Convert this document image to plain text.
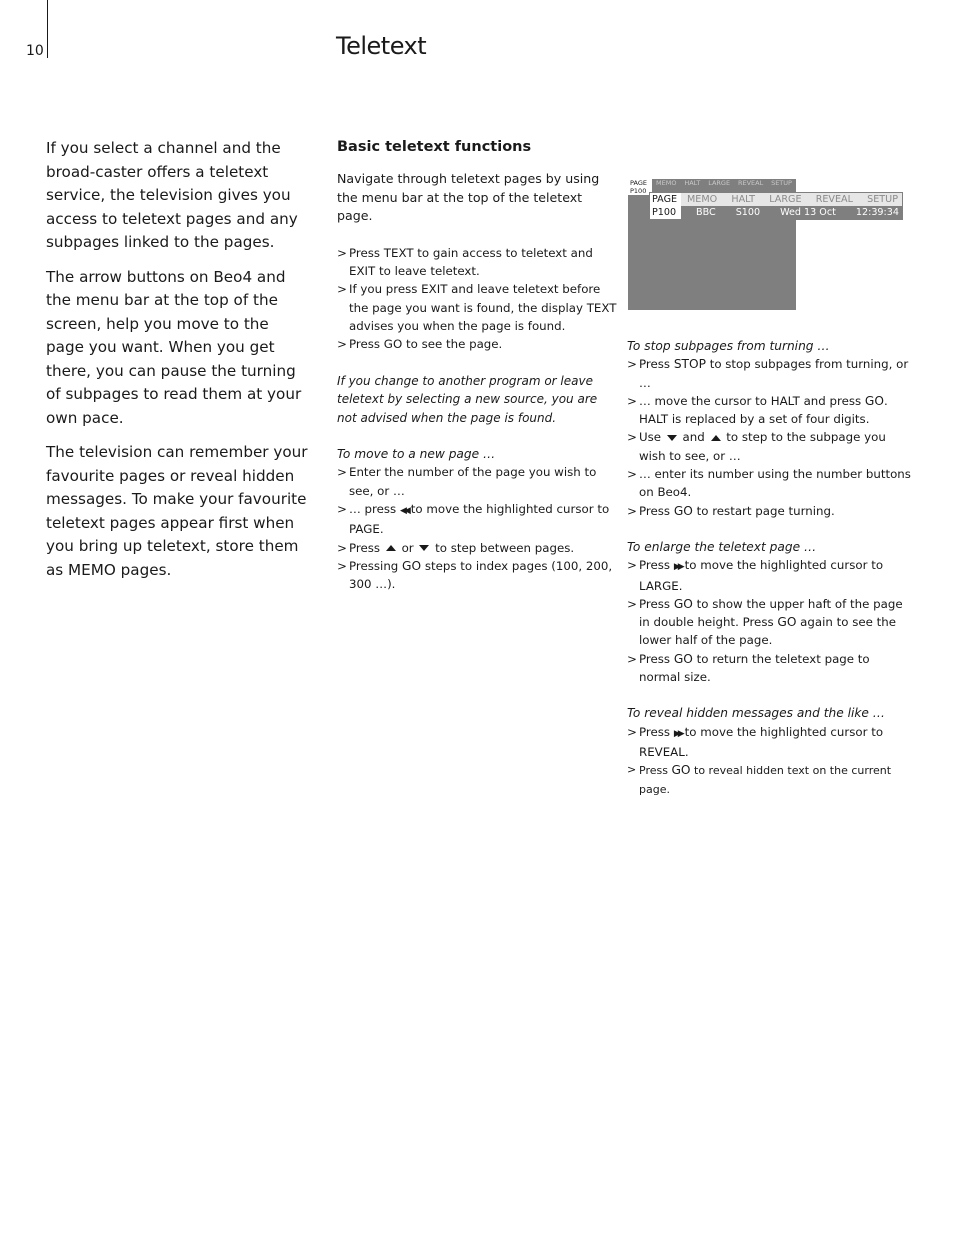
10	Teletext

If you select a channel and the broad-caster offers a teletext service, the television gives you access to teletext pages and any subpages linked to the pages.

The arrow buttons on Beo4 and the menu bar at the top of the screen, help you move to the page you want. When you get there, you can pause the turning of subpages to read them at your own pace.

The television can remember your favourite pages or reveal hidden messages. To make your favourite teletext pages appear first when you bring up teletext, store them as MEMO pages.

Basic teletext functions

Navigate through teletext pages by using the menu bar at the top of the teletext page.

> Press TEXT to gain access to teletext and EXIT to leave teletext.

> If you press EXIT and leave teletext before the page you want is found, the display TEXT advises you when the page is found.

> Press GO to see the page.

If you change to another program or leave teletext by selecting a new source, you are not advised when the page is found.

To move to a new page …

> Enter the number of the page you wish to see, or …

> … press ◀◀ to move the highlighted cursor to PAGE.

> Press or to step between pages.

> Pressing GO steps to index pages (100, 200, 300 …).

PAGE	MEMO HALT LARGE REVEAL SETUP
P100
PAGE	MEMO HALT LARGE REVEAL SETUP
P100	BBC S100 Wed 13 Oct 12:39:34

To stop subpages from turning …

> Press STOP to stop subpages from turning, or …

> … move the cursor to HALT and press GO. HALT is replaced by a set of four digits.

> Use and to step to the subpage you wish to see, or …

> … enter its number using the number buttons on Beo4.

> Press GO to restart page turning.

To enlarge the teletext page …

> Press ▶▶ to move the highlighted cursor to LARGE.

> Press GO to show the upper haft of the page in double height. Press GO again to see the lower half of the page.

> Press GO to return the teletext page to normal size.

To reveal hidden messages and the like …

> Press ▶▶ to move the highlighted cursor to REVEAL.

> Press GO to reveal hidden text on the current page.
